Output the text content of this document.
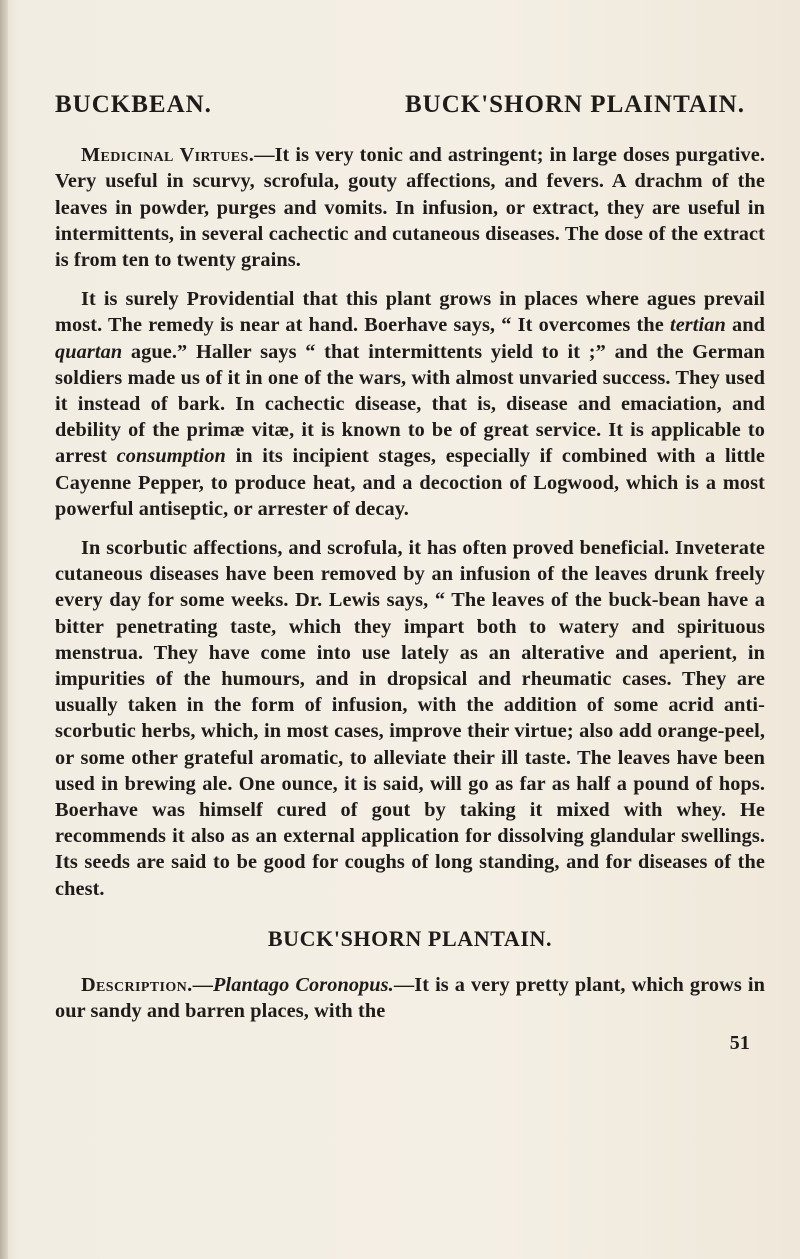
BUCKBEAN.	BUCK'SHORN PLAINTAIN.

Medicinal Virtues.—It is very tonic and astringent; in large doses purgative. Very useful in scurvy, scrofula, gouty affections, and fevers. A drachm of the leaves in powder, purges and vomits. In infusion, or extract, they are useful in intermittents, in several cachectic and cutaneous diseases. The dose of the extract is from ten to twenty grains.

It is surely Providential that this plant grows in places where agues prevail most. The remedy is near at hand. Boerhave says, “ It overcomes the tertian and quartan ague.” Haller says “ that intermittents yield to it ;” and the German soldiers made us of it in one of the wars, with almost unvaried success. They used it instead of bark. In cachectic disease, that is, disease and emaciation, and debility of the primæ vitæ, it is known to be of great service. It is applicable to arrest consumption in its incipient stages, especially if combined with a little Cayenne Pepper, to produce heat, and a decoction of Logwood, which is a most powerful antiseptic, or arrester of decay.

In scorbutic affections, and scrofula, it has often proved beneficial. Inveterate cutaneous diseases have been removed by an infusion of the leaves drunk freely every day for some weeks. Dr. Lewis says, “ The leaves of the buck-bean have a bitter penetrating taste, which they impart both to watery and spirituous menstrua. They have come into use lately as an alterative and aperient, in impurities of the humours, and in dropsical and rheumatic cases. They are usually taken in the form of infusion, with the addition of some acrid anti-scorbutic herbs, which, in most cases, improve their virtue; also add orange-peel, or some other grateful aromatic, to alleviate their ill taste. The leaves have been used in brewing ale. One ounce, it is said, will go as far as half a pound of hops. Boerhave was himself cured of gout by taking it mixed with whey. He recommends it also as an external application for dissolving glandular swellings. Its seeds are said to be good for coughs of long standing, and for diseases of the chest.

BUCK'SHORN PLANTAIN.

Description.—Plantago Coronopus.—It is a very pretty plant, which grows in our sandy and barren places, with the

51
